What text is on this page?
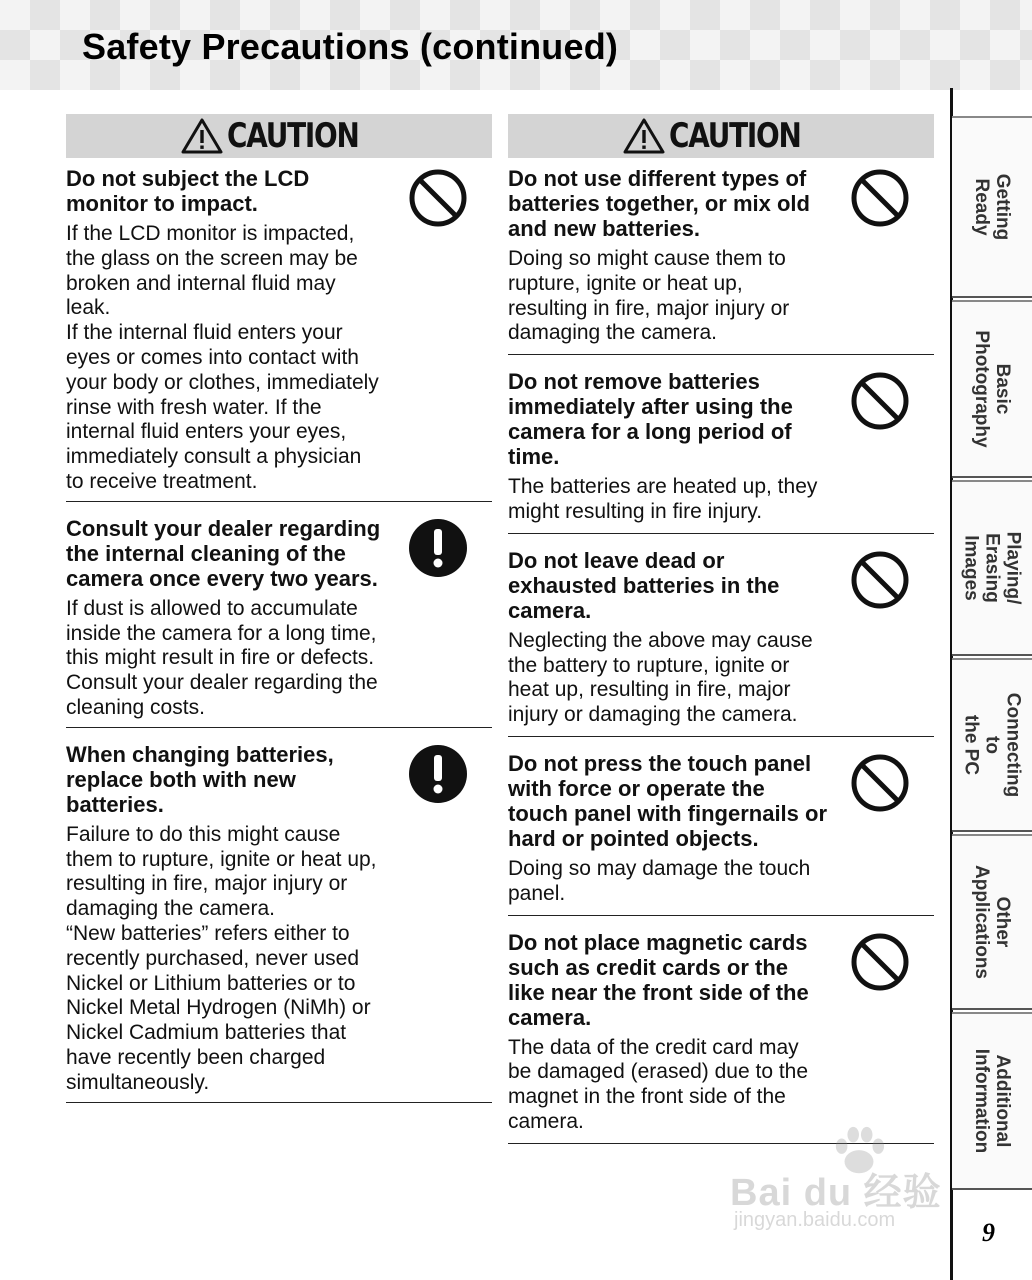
Safety Precautions (continued)
CAUTION
Do not subject the LCD monitor to impact.

If the LCD monitor is impacted, the glass on the screen may be broken and internal fluid may leak.
If the internal fluid enters your eyes or comes into contact with your body or clothes, immediately rinse with fresh water. If the internal fluid enters your eyes, immediately consult a physician to receive treatment.

Consult your dealer regarding the internal cleaning of the camera once every two years.

If dust is allowed to accumulate inside the camera for a long time, this might result in fire or defects. Consult your dealer regarding the cleaning costs.

When changing batteries, replace both with new batteries.

Failure to do this might cause them to rupture, ignite or heat up, resulting in fire, major injury or damaging the camera.
“New batteries” refers either to recently purchased, never used Nickel or Lithium batteries or to Nickel Metal Hydrogen (NiMh) or Nickel Cadmium batteries that have recently been charged simultaneously.

CAUTION
Do not use different types of batteries together, or mix old and new batteries.

Doing so might cause them to rupture, ignite or heat up, resulting in fire, major injury or damaging the camera.

Do not remove batteries immediately after using the camera for a long period of time.

The batteries are heated up, they might resulting in fire injury.

Do not leave dead or exhausted batteries in the camera.

Neglecting the above may cause the battery to rupture, ignite or heat up, resulting in fire, major injury or damaging the camera.

Do not press the touch panel with force or operate the touch panel with fingernails or hard or pointed objects.

Doing so may damage the touch panel.

Do not place magnetic cards such as credit cards or the like near the front side of the camera.

The data of the credit card may be damaged (erased) due to the magnet in the front side of the camera.

Getting Ready
Basic
Photography
Playing/
Erasing Images
Connecting to
the PC
Other
Applications
Additional
Information
9
Bai du 经验
jingyan.baidu.com
